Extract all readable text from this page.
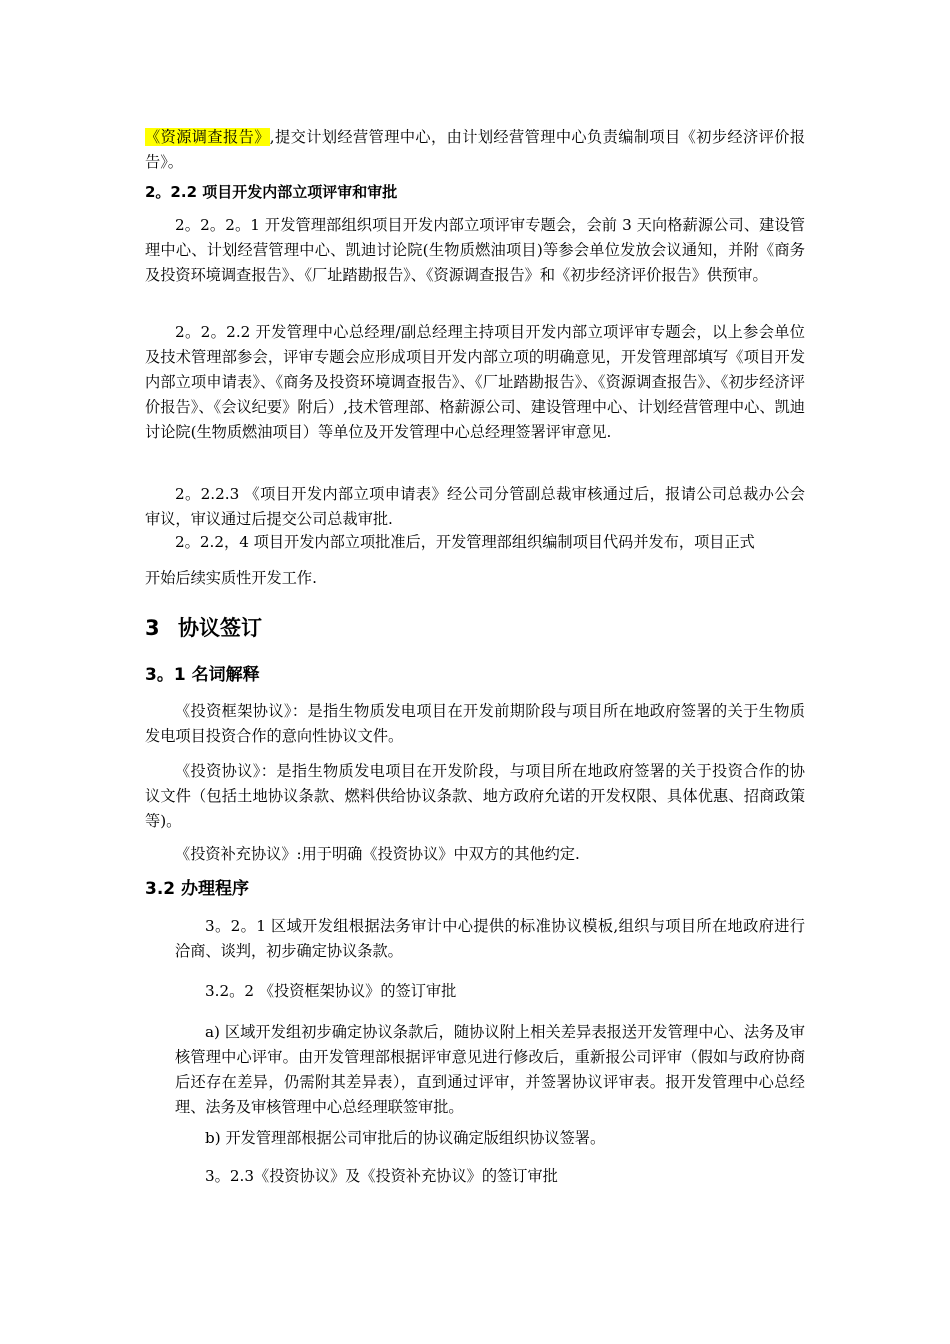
《资源调查报告》,提交计划经营管理中心，由计划经营管理中心负责编制项目《初步经济评价报告》。

2。2.2 项目开发内部立项评审和审批

2。2。2。1 开发管理部组织项目开发内部立项评审专题会，会前 3 天向格薪源公司、建设管理中心、计划经营管理中心、凯迪讨论院(生物质燃油项目)等参会单位发放会议通知，并附《商务及投资环境调查报告》、《厂址踏勘报告》、《资源调查报告》和《初步经济评价报告》供预审。

2。2。2.2 开发管理中心总经理/副总经理主持项目开发内部立项评审专题会，以上参会单位及技术管理部参会，评审专题会应形成项目开发内部立项的明确意见，开发管理部填写《项目开发内部立项申请表》、《商务及投资环境调查报告》、《厂址踏勘报告》、《资源调查报告》、《初步经济评价报告》、《会议纪要》附后）,技术管理部、格薪源公司、建设管理中心、计划经营管理中心、凯迪讨论院(生物质燃油项目）等单位及开发管理中心总经理签署评审意见.

2。2.2.3 《项目开发内部立项申请表》经公司分管副总裁审核通过后，报请公司总裁办公会审议，审议通过后提交公司总裁审批.

2。2.2，4 项目开发内部立项批准后，开发管理部组织编制项目代码并发布，项目正式

开始后续实质性开发工作.

3 协议签订

3。1 名词解释

《投资框架协议》：是指生物质发电项目在开发前期阶段与项目所在地政府签署的关于生物质发电项目投资合作的意向性协议文件。

《投资协议》：是指生物质发电项目在开发阶段，与项目所在地政府签署的关于投资合作的协议文件（包括土地协议条款、燃料供给协议条款、地方政府允诺的开发权限、具体优惠、招商政策等)。

《投资补充协议》:用于明确《投资协议》中双方的其他约定.

3.2 办理程序

3。2。1 区域开发组根据法务审计中心提供的标准协议模板,组织与项目所在地政府进行洽商、谈判，初步确定协议条款。

3.2。2 《投资框架协议》的签订审批

a) 区域开发组初步确定协议条款后，随协议附上相关差异表报送开发管理中心、法务及审核管理中心评审。由开发管理部根据评审意见进行修改后，重新报公司评审（假如与政府协商后还存在差异，仍需附其差异表），直到通过评审，并签署协议评审表。报开发管理中心总经理、法务及审核管理中心总经理联签审批。

b) 开发管理部根据公司审批后的协议确定版组织协议签署。

3。2.3《投资协议》及《投资补充协议》的签订审批
